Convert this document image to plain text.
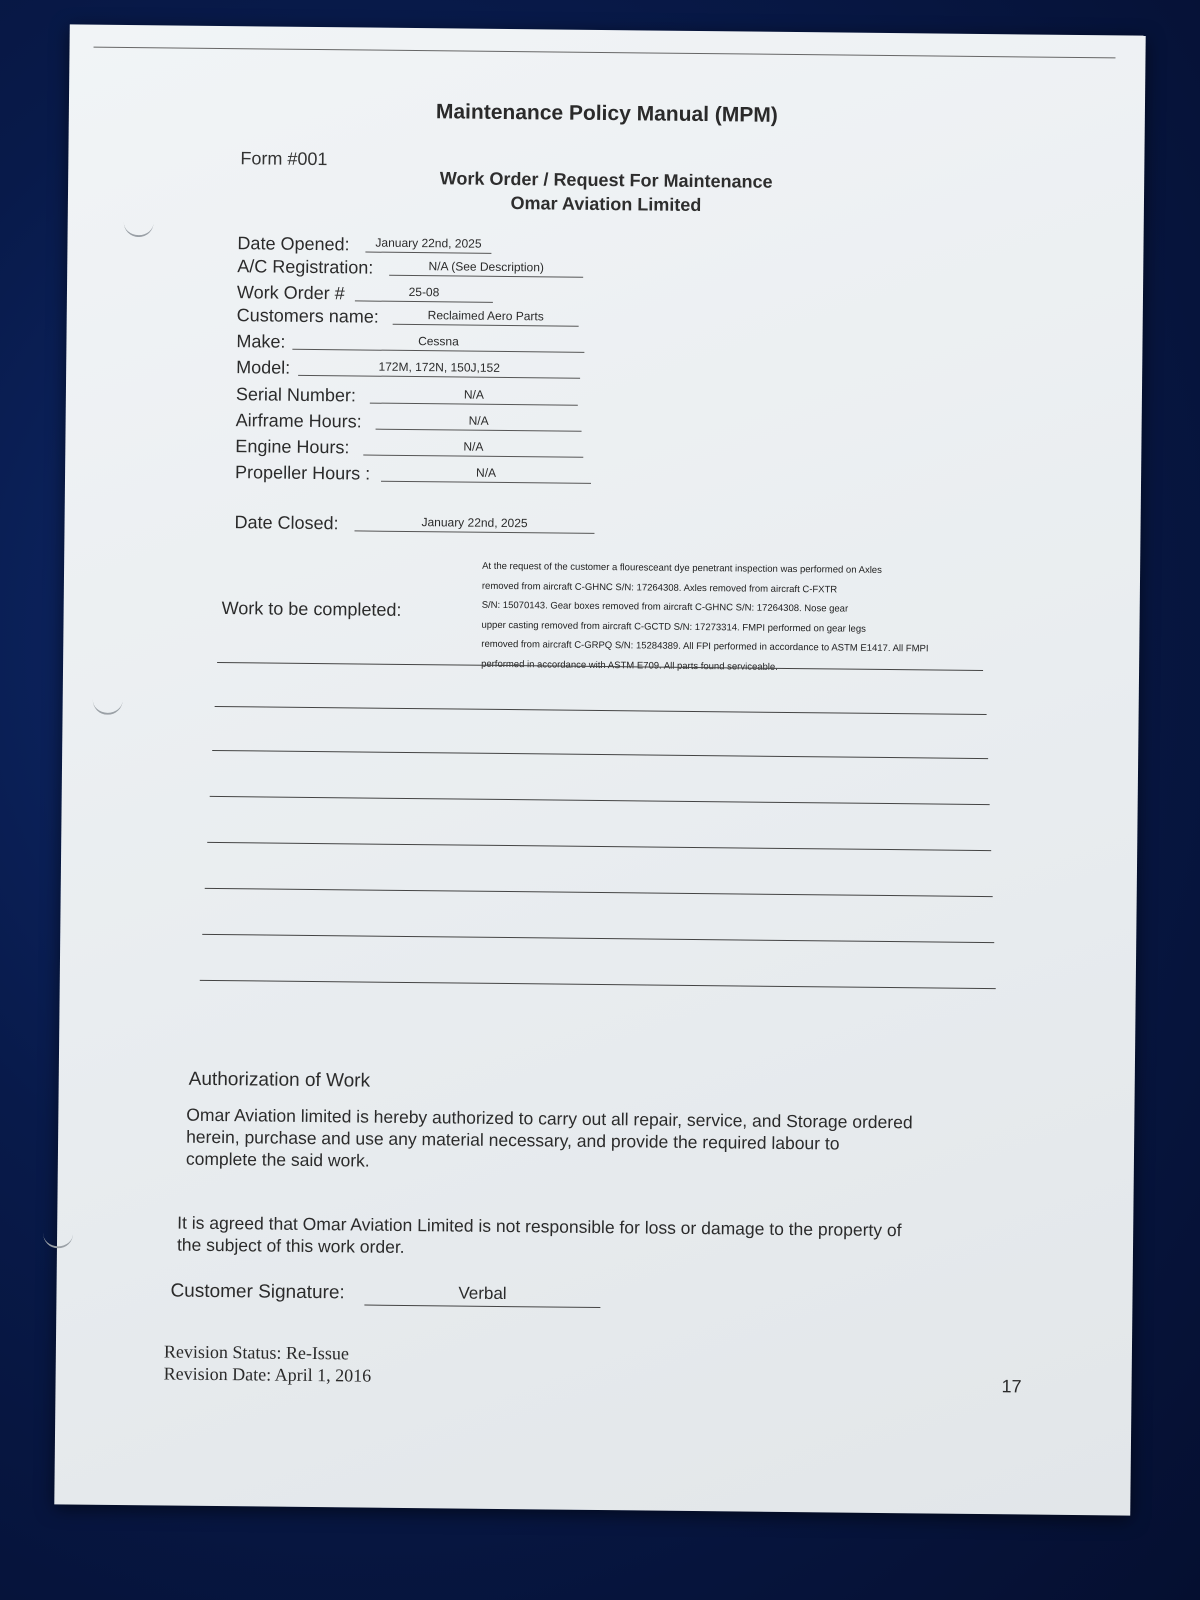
Maintenance Policy Manual (MPM)
Form #001
Work Order / Request For Maintenance
Omar Aviation Limited
Date Opened:	January 22nd, 2025
A/C Registration:	N/A (See Description)
Work Order #	25-08
Customers name:	Reclaimed Aero Parts
Make:	Cessna
Model:	172M, 172N, 150J,152
Serial Number:	N/A
Airframe Hours:	N/A
Engine Hours:	N/A
Propeller Hours :	N/A
Date Closed:	January 22nd, 2025
Work to be completed:
At the request of the customer a flouresceant dye penetrant inspection was performed on Axles
removed from aircraft C-GHNC S/N: 17264308. Axles removed from aircraft C-FXTR
S/N: 15070143. Gear boxes removed from aircraft C-GHNC S/N: 17264308. Nose gear
upper casting removed from aircraft C-GCTD S/N: 17273314. FMPI performed on gear legs
removed from aircraft C-GRPQ S/N: 15284389. All FPI performed in accordance to ASTM E1417. All FMPI
performed in accordance with ASTM E709. All parts found serviceable.
Authorization of Work
Omar Aviation limited is hereby authorized to carry out all repair, service, and Storage ordered
herein, purchase and use any material necessary, and provide the required labour to
complete the said work.
It is agreed that Omar Aviation Limited is not responsible for loss or damage to the property of
the subject of this work order.
Customer Signature:	Verbal
Revision Status: Re-Issue
Revision Date: April 1, 2016
17
